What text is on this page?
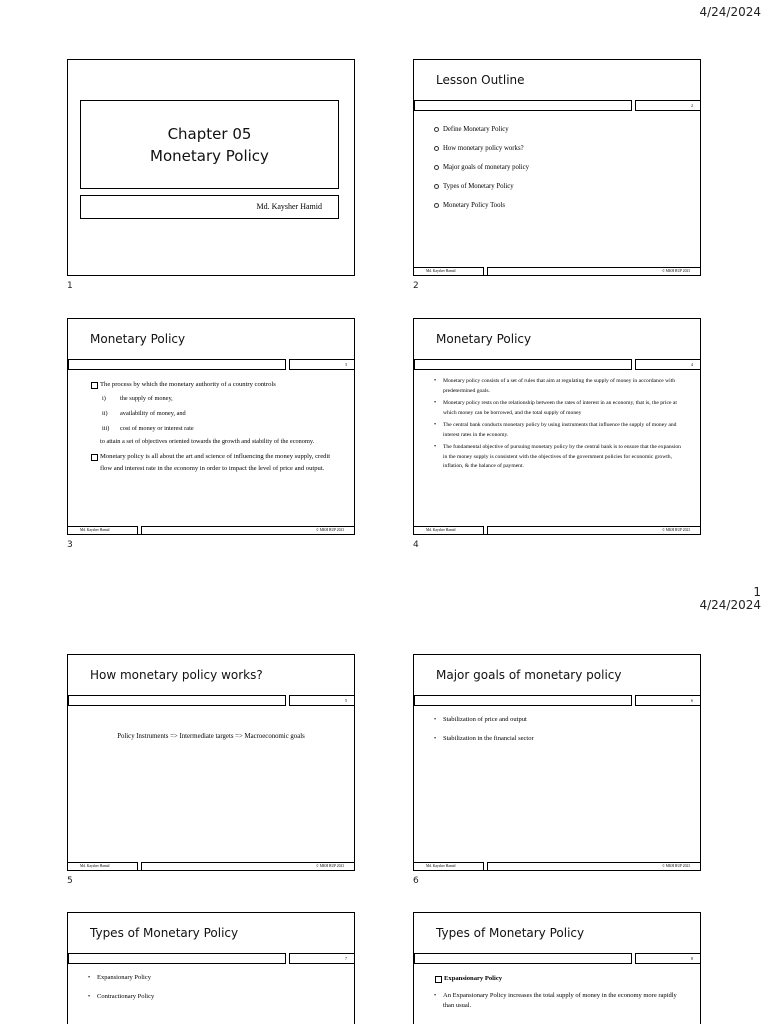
4/24/2024
Chapter 05
Monetary Policy
Md. Kaysher Hamid
1
Lesson Outline
2
Define Monetary Policy
How monetary policy works?
Major goals of monetary policy
Types of Monetary Policy
Monetary Policy Tools
Md. Kaysher Hamid	© MKH BUP 2023
2
Monetary Policy
3
The process by which the monetary authority of a country controls
i) the supply of money,
ii) availability of money, and
iii) cost of money or interest rate
to attain a set of objectives oriented towards the growth and stability of the economy.
Monetary policy is all about the art and science of influencing the money supply, credit flow and interest rate in the economy in order to impact the level of price and output.
Md. Kaysher Hamid	© MKH BUP 2023
3
Monetary Policy
4
• Monetary policy consists of a set of rules that aim at regulating the supply of money in accordance with predetermined goals.
• Monetary policy rests on the relationship between the rates of interest in an economy, that is, the price at which money can be borrowed, and the total supply of money
• The central bank conducts monetary policy by using instruments that influence the supply of money and interest rates in the economy.
• The fundamental objective of pursuing monetary policy by the central bank is to ensure that the expansion in the money supply is consistent with the objectives of the government policies for economic growth, inflation, & the balance of payment.
Md. Kaysher Hamid	© MKH BUP 2023
4
1
4/24/2024
How monetary policy works?
5
Policy Instruments => Intermediate targets => Macroeconomic goals
Md. Kaysher Hamid	© MKH BUP 2023
5
Major goals of monetary policy
6
• Stabilization of price and output
• Stabilization in the financial sector
Md. Kaysher Hamid	© MKH BUP 2023
6
Types of Monetary Policy
7
• Expansionary Policy
• Contractionary Policy
Types of Monetary Policy
8
Expansionary Policy
• An Expansionary Policy increases the total supply of money in the economy more rapidly than usual.
